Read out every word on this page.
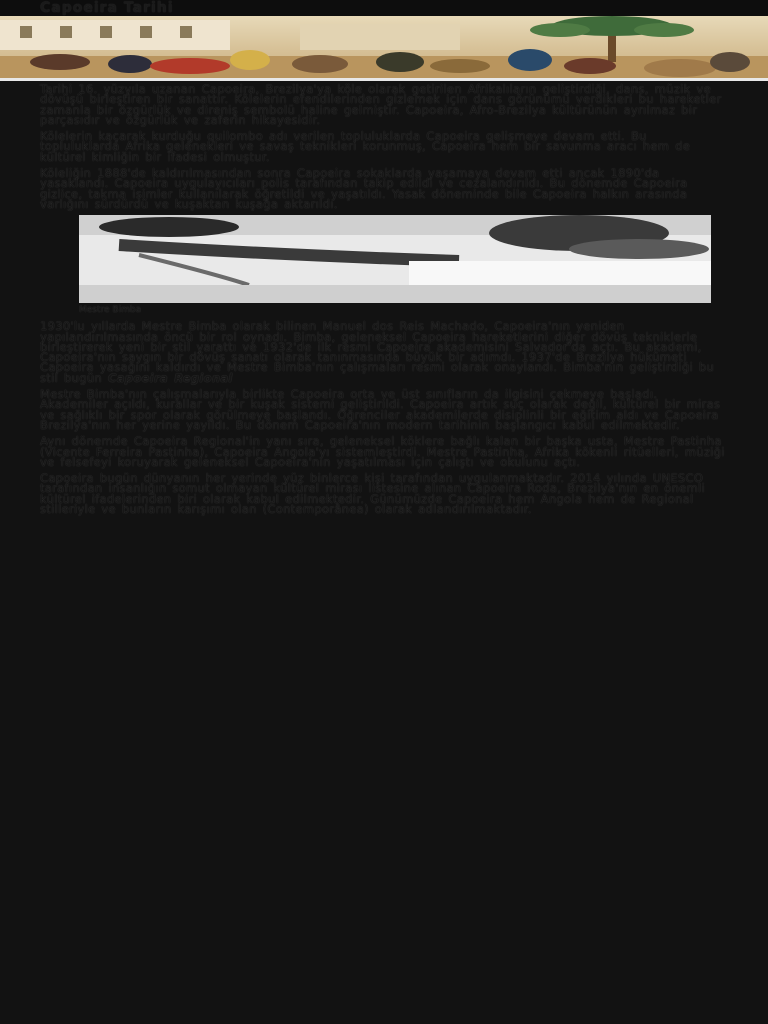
Capoeira Tarihi

Tarihi 16. yüzyıla uzanan Capoeira, Brezilya'ya köle olarak getirilen Afrikalıların geliştirdiği, dans, müzik ve dövüşü birleştiren bir sanattır. Kölelerin efendilerinden gizlemek için dans görünümü verdikleri bu hareketler zamanla bir özgürlük ve direniş sembolü haline gelmiştir. Capoeira, Afro-Brezilya kültürünün ayrılmaz bir parçasıdır ve özgürlük ve zaferin hikayesidir.

Kölelerin kaçarak kurduğu quilombo adı verilen topluluklarda Capoeira gelişmeye devam etti. Bu topluluklarda Afrika gelenekleri ve savaş teknikleri korunmuş, Capoeira hem bir savunma aracı hem de kültürel kimliğin bir ifadesi olmuştur.

Köleliğin 1888'de kaldırılmasından sonra Capoeira sokaklarda yaşamaya devam etti ancak 1890'da yasaklandı. Capoeira uygulayıcıları polis tarafından takip edildi ve cezalandırıldı. Bu dönemde Capoeira gizlice, takma isimler kullanılarak öğretildi ve yaşatıldı. Yasak döneminde bile Capoeira halkın arasında varlığını sürdürdü ve kuşaktan kuşağa aktarıldı.

Mestre Bimba

1930'lu yıllarda Mestre Bimba olarak bilinen Manuel dos Reis Machado, Capoeira'nın yeniden yapılandırılmasında öncü bir rol oynadı. Bimba, geleneksel Capoeira hareketlerini diğer dövüş tekniklerle birleştirerek yeni bir stil yarattı ve 1932'de ilk resmi Capoeira akademisini Salvador'da açtı. Bu akademi, Capoeira'nın saygın bir dövüş sanatı olarak tanınmasında büyük bir adımdı. 1937'de Brezilya hükümeti Capoeira yasağını kaldırdı ve Mestre Bimba'nın çalışmaları resmi olarak onaylandı. Bimba'nın geliştirdiği bu stil bugün Capoeira Regional

Mestre Bimba'nın çalışmalarıyla birlikte Capoeira orta ve üst sınıfların da ilgisini çekmeye başladı. Akademiler açıldı, kurallar ve bir kuşak sistemi geliştirildi. Capoeira artık suç olarak değil, kültürel bir miras ve sağlıklı bir spor olarak görülmeye başlandı. Öğrenciler akademilerde disiplinli bir eğitim aldı ve Capoeira Brezilya'nın her yerine yayıldı. Bu dönem Capoeira'nın modern tarihinin başlangıcı kabul edilmektedir.

Aynı dönemde Capoeira Regional'in yanı sıra, geleneksel köklere bağlı kalan bir başka usta, Mestre Pastinha (Vicente Ferreira Pastinha), Capoeira Angola'yı sistemleştirdi. Mestre Pastinha, Afrika kökenli ritüelleri, müziği ve felsefeyi koruyarak geleneksel Capoeira'nın yaşatılması için çalıştı ve okulunu açtı.

Capoeira bugün dünyanın her yerinde yüz binlerce kişi tarafından uygulanmaktadır. 2014 yılında UNESCO tarafından insanlığın somut olmayan kültürel mirası listesine alınan Capoeira Roda, Brezilya'nın en önemli kültürel ifadelerinden biri olarak kabul edilmektedir. Günümüzde Capoeira hem Angola hem de Regional stilleriyle ve bunların karışımı olan (Contemporânea) olarak adlandırılmaktadır.
